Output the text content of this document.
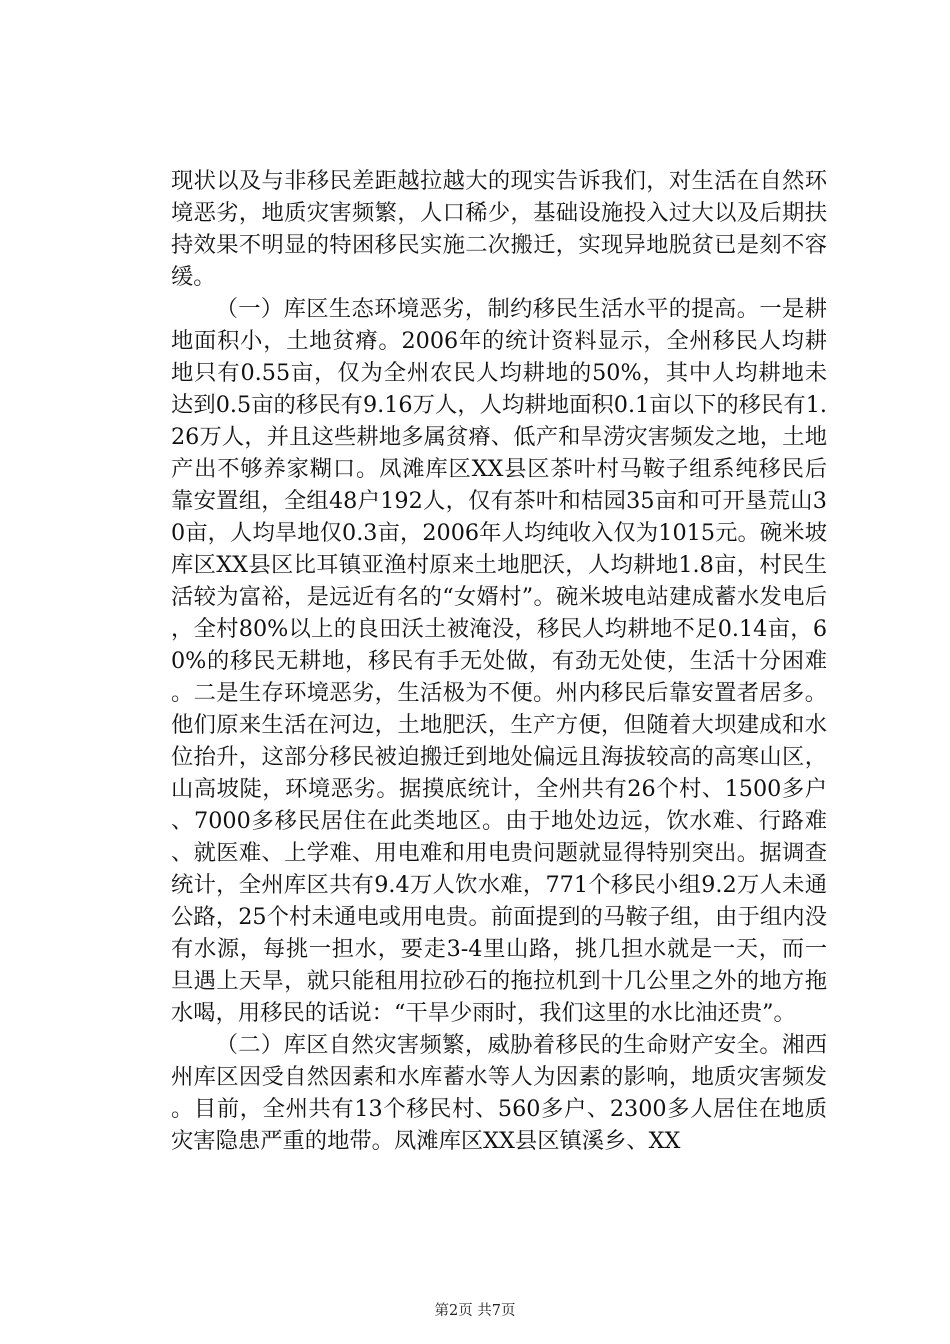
现状以及与非移民差距越拉越大的现实告诉我们，对生活在自然环境恶劣，地质灾害频繁，人口稀少，基础设施投入过大以及后期扶持效果不明显的特困移民实施二次搬迁，实现异地脱贫已是刻不容缓。

（一）库区生态环境恶劣，制约移民生活水平的提高。一是耕地面积小，土地贫瘠。2006年的统计资料显示，全州移民人均耕地只有0.55亩，仅为全州农民人均耕地的50%，其中人均耕地未达到0.5亩的移民有9.16万人，人均耕地面积0.1亩以下的移民有1.26万人，并且这些耕地多属贫瘠、低产和旱涝灾害频发之地，土地产出不够养家糊口。凤滩库区XX县区茶叶村马鞍子组系纯移民后靠安置组，全组48户192人，仅有茶叶和桔园35亩和可开垦荒山30亩，人均旱地仅0.3亩，2006年人均纯收入仅为1015元。碗米坡库区XX县区比耳镇亚渔村原来土地肥沃，人均耕地1.8亩，村民生活较为富裕，是远近有名的“女婿村”。碗米坡电站建成蓄水发电后，全村80%以上的良田沃土被淹没，移民人均耕地不足0.14亩，60%的移民无耕地，移民有手无处做，有劲无处使，生活十分困难。二是生存环境恶劣，生活极为不便。州内移民后靠安置者居多。他们原来生活在河边，土地肥沃，生产方便，但随着大坝建成和水位抬升，这部分移民被迫搬迁到地处偏远且海拔较高的高寒山区，山高坡陡，环境恶劣。据摸底统计，全州共有26个村、1500多户、7000多移民居住在此类地区。由于地处边远，饮水难、行路难、就医难、上学难、用电难和用电贵问题就显得特别突出。据调查统计，全州库区共有9.4万人饮水难，771个移民小组9.2万人未通公路，25个村未通电或用电贵。前面提到的马鞍子组，由于组内没有水源，每挑一担水，要走3-4里山路，挑几担水就是一天，而一旦遇上天旱，就只能租用拉砂石的拖拉机到十几公里之外的地方拖水喝，用移民的话说：“干旱少雨时，我们这里的水比油还贵”。

（二）库区自然灾害频繁，威胁着移民的生命财产安全。湘西州库区因受自然因素和水库蓄水等人为因素的影响，地质灾害频发。目前，全州共有13个移民村、560多户、2300多人居住在地质灾害隐患严重的地带。凤滩库区XX县区镇溪乡、XX

第2页 共7页
